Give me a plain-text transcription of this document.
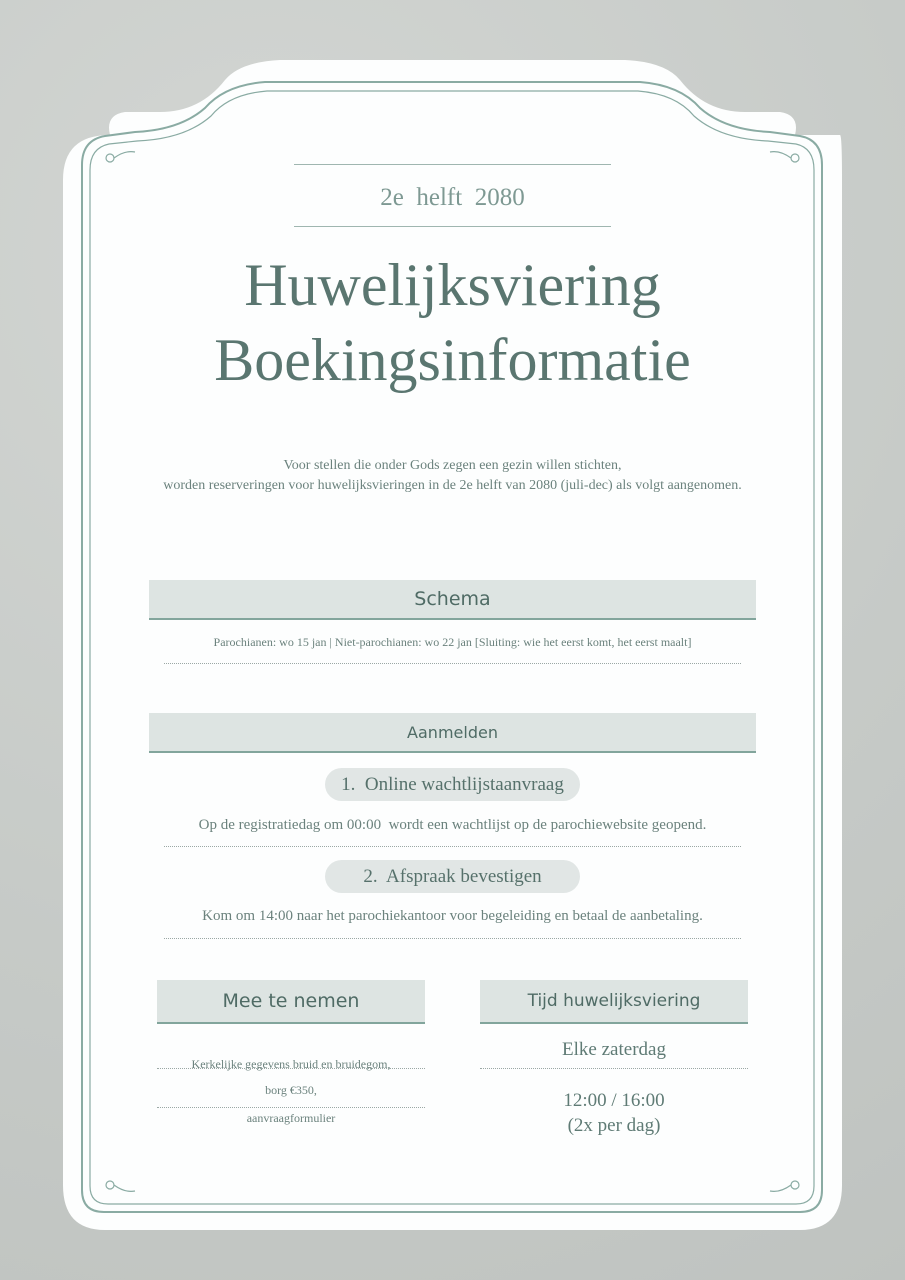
2e  helft  2080
Huwelijksviering
Boekingsinformatie
Voor stellen die onder Gods zegen een gezin willen stichten,
worden reserveringen voor huwelijksvieringen in de 2e helft van 2080 (juli-dec) als volgt aangenomen.
Schema
Parochianen: wo 15 jan | Niet-parochianen: wo 22 jan [Sluiting: wie het eerst komt, het eerst maalt]
Aanmelden
1.  Online wachtlijstaanvraag
Op de registratiedag om 00:00  wordt een wachtlijst op de parochiewebsite geopend.
2.  Afspraak bevestigen
Kom om 14:00 naar het parochiekantoor voor begeleiding en betaal de aanbetaling.
Mee te nemen
Kerkelijke gegevens bruid en bruidegom,
borg €350,
aanvraagformulier
Tijd huwelijksviering
Elke zaterdag
12:00 / 16:00
(2x per dag)
